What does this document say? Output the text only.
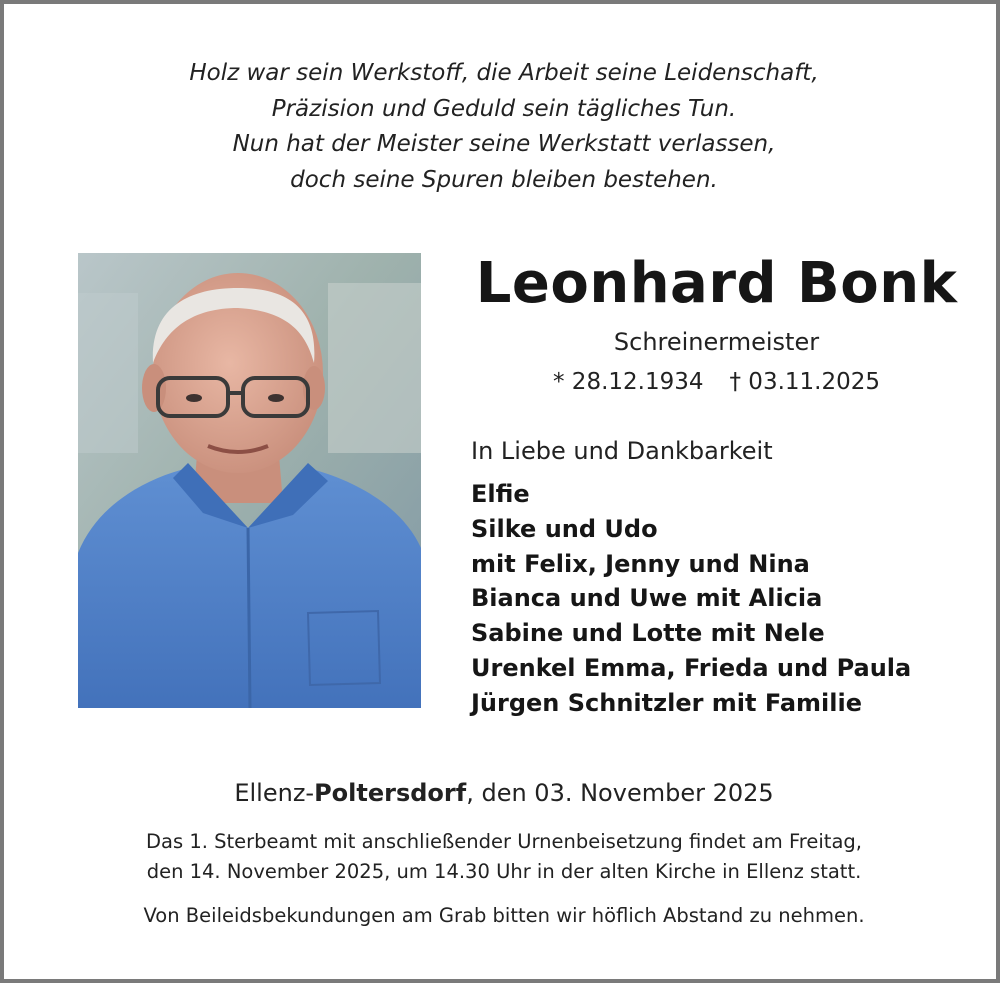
Holz war sein Werkstoff, die Arbeit seine Leidenschaft,
Präzision und Geduld sein tägliches Tun.
Nun hat der Meister seine Werkstatt verlassen,
doch seine Spuren bleiben bestehen.
Leonhard Bonk
Schreinermeister
* 28.12.1934 † 03.11.2025
In Liebe und Dankbarkeit
Elfie
Silke und Udo
mit Felix, Jenny und Nina
Bianca und Uwe mit Alicia
Sabine und Lotte mit Nele
Urenkel Emma, Frieda und Paula
Jürgen Schnitzler mit Familie
Ellenz-Poltersdorf, den 03. November 2025
Das 1. Sterbeamt mit anschließender Urnenbeisetzung findet am Freitag,
den 14. November 2025, um 14.30 Uhr in der alten Kirche in Ellenz statt.
Von Beileidsbekundungen am Grab bitten wir höflich Abstand zu nehmen.
